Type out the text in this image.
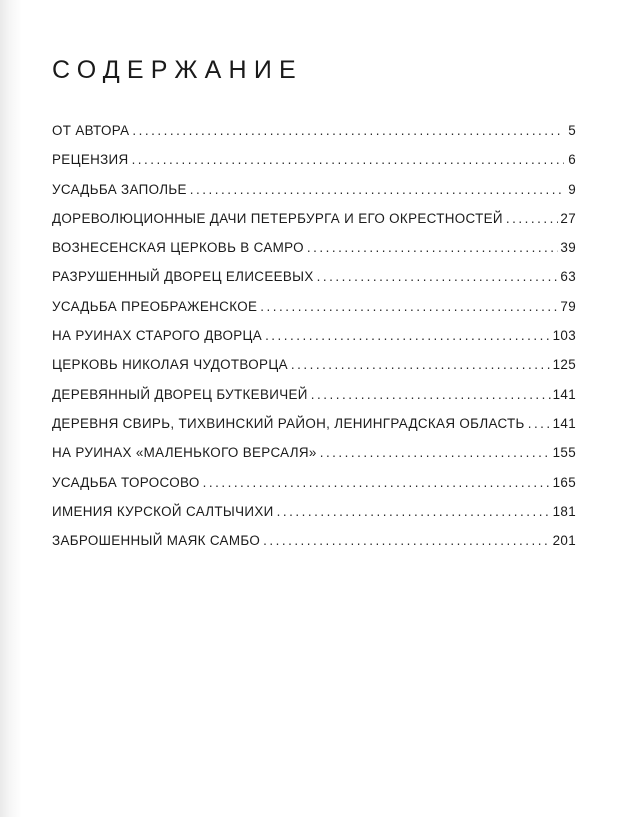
СОДЕРЖАНИЕ
ОТ АВТОРА . . .	5
РЕЦЕНЗИЯ . . .	6
УСАДЬБА ЗАПОЛЬЕ . . .	9
ДОРЕВОЛЮЦИОННЫЕ ДАЧИ ПЕТЕРБУРГА И ЕГО ОКРЕСТНОСТЕЙ . . .	27
ВОЗНЕСЕНСКАЯ ЦЕРКОВЬ В САМРО . . .	39
РАЗРУШЕННЫЙ ДВОРЕЦ ЕЛИСЕЕВЫХ . . .	63
УСАДЬБА ПРЕОБРАЖЕНСКОЕ . . .	79
НА РУИНАХ СТАРОГО ДВОРЦА . . .	103
ЦЕРКОВЬ НИКОЛАЯ ЧУДОТВОРЦА . . .	125
ДЕРЕВЯННЫЙ ДВОРЕЦ БУТКЕВИЧЕЙ . . .	141
ДЕРЕВНЯ СВИРЬ, ТИХВИНСКИЙ РАЙОН, ЛЕНИНГРАДСКАЯ ОБЛАСТЬ . . . 141
НА РУИНАХ «МАЛЕНЬКОГО ВЕРСАЛЯ» . . .	155
УСАДЬБА ТОРОСОВО . . .	165
ИМЕНИЯ КУРСКОЙ САЛТЫЧИХИ . . .	181
ЗАБРОШЕННЫЙ МАЯК САМБО . . .	201
